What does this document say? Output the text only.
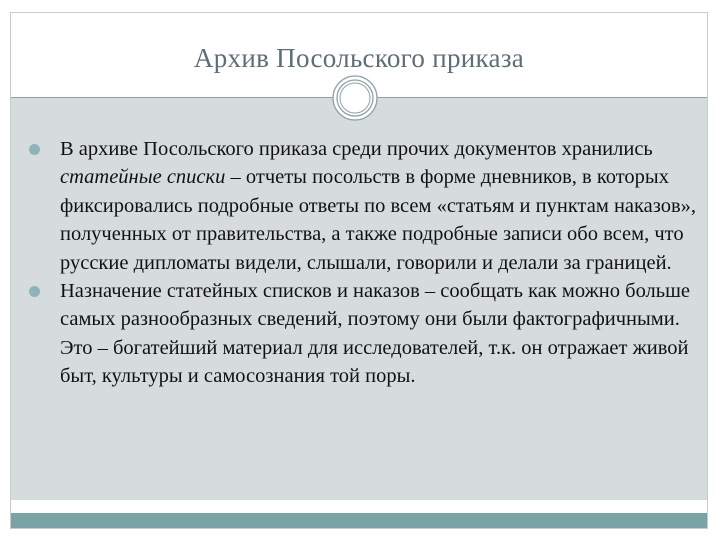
Архив Посольского приказа
В архиве Посольского приказа среди прочих документов хранились статейные списки – отчеты посольств в форме дневников, в которых фиксировались подробные ответы по всем «статьям и пунктам наказов», полученных от правительства, а также подробные записи обо всем, что русские дипломаты видели, слышали, говорили и делали за границей.
Назначение статейных списков и наказов – сообщать как можно больше самых разнообразных сведений, поэтому они были фактографичными. Это – богатейший материал для исследователей, т.к. он отражает живой быт, культуры и самосознания той поры.
